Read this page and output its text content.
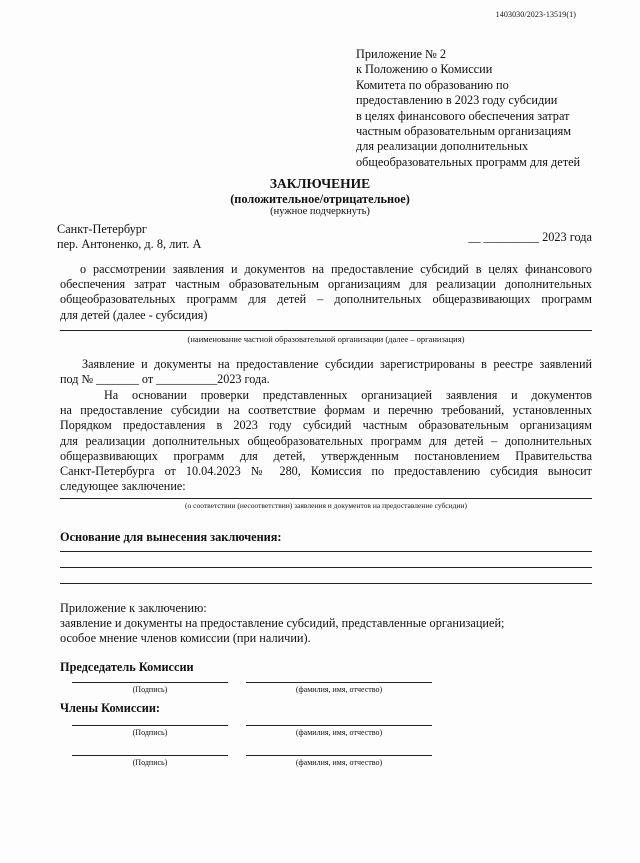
1403030/2023-13519(1)
Приложение № 2
к Положению о Комиссии
Комитета по образованию по
предоставлению в 2023 году субсидии
в целях финансового обеспечения затрат
частным образовательным организациям
для реализации дополнительных
общеобразовательных программ для детей
ЗАКЛЮЧЕНИЕ
(положительное/отрицательное)
(нужное подчеркнуть)
Санкт-Петербург
пер. Антоненко, д. 8, лит. А	__ _________ 2023 года
о рассмотрении заявления и документов на предоставление субсидий в целях финансового
обеспечения затрат частным образовательным организациям для реализации дополнительных
общеобразовательных программ для детей – дополнительных общеразвивающих программ
для детей (далее - субсидия)
(наименование частной образовательной организации (далее – организация)
Заявление и документы на предоставление субсидии зарегистрированы в реестре заявлений
под № _______ от __________2023 года.
На основании проверки представленных организацией заявления и документов
на предоставление субсидии на соответствие формам и перечню требований, установленных
Порядком предоставления в 2023 году субсидий частным образовательным организациям
для реализации дополнительных общеобразовательных программ для детей – дополнительных
общеразвивающих программ для детей, утвержденным постановлением Правительства
Санкт-Петербурга от 10.04.2023 № 280, Комиссия по предоставлению субсидия выносит
следующее заключение:
(о соответствии (несоответствии) заявления и документов на предоставление субсидии)
Основание для вынесения заключения:
Приложение к заключению:
заявление и документы на предоставление субсидий, представленные организацией;
особое мнение членов комиссии (при наличии).
Председатель Комиссии
(Подпись)	(фамилия, имя, отчество)
Члены Комиссии:
(Подпись)	(фамилия, имя, отчество)
(Подпись)	(фамилия, имя, отчество)
